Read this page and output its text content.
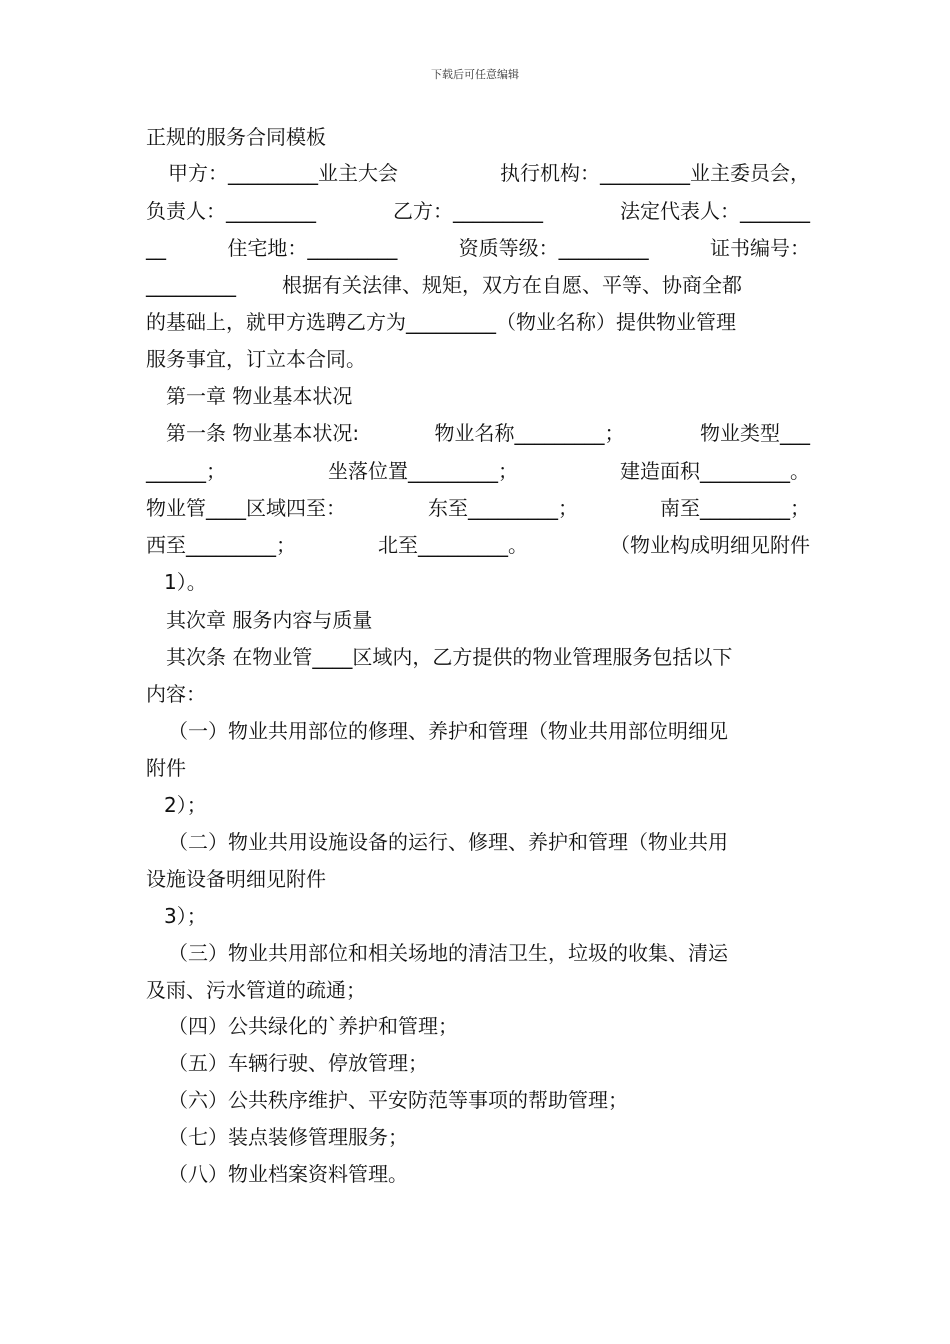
下载后可任意编辑
正规的服务合同模板
甲方：_________业主大会	执行机构：_________业主委员会，
负责人：_________	乙方：_________	法定代表人：_______
__	住宅地：_________	资质等级：_________	证书编号：
_________ 根据有关法律、规矩，双方在自愿、平等、协商全都
的基础上，就甲方选聘乙方为_________（物业名称）提供物业管理
服务事宜，订立本合同。
第一章 物业基本状况
第一条 物业基本状况:	物业名称_________；	物业类型___
______；	坐落位置_________；	建造面积_________。
物业管____区域四至：	东至_________；	南至_________；
西至_________；	北至_________。	（物业构成明细见附件
1）。
其次章 服务内容与质量
其次条 在物业管____区域内，乙方提供的物业管理服务包括以下
内容：
（一）物业共用部位的修理、养护和管理（物业共用部位明细见
附件
2）；
（二）物业共用设施设备的运行、修理、养护和管理（物业共用
设施设备明细见附件
3）；
（三）物业共用部位和相关场地的清洁卫生，垃圾的收集、清运
及雨、污水管道的疏通；
（四）公共绿化的`养护和管理；
（五）车辆行驶、停放管理；
（六）公共秩序维护、平安防范等事项的帮助管理；
（七）装点装修管理服务；
（八）物业档案资料管理。
